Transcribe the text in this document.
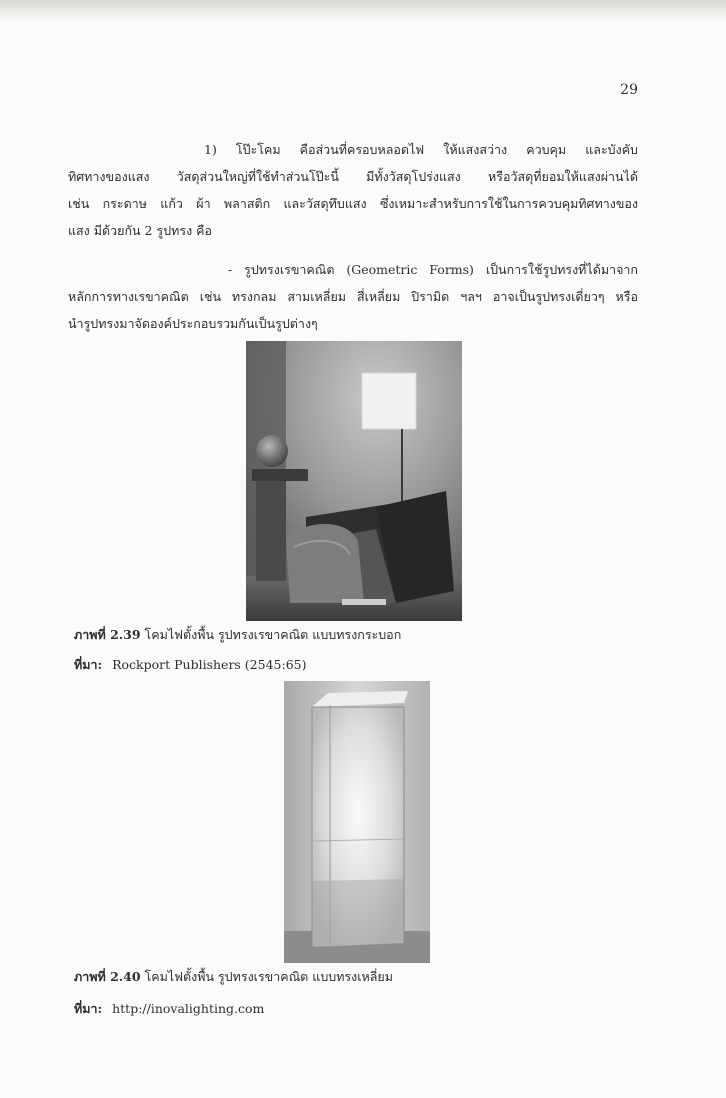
29

1) โป๊ะโคม คือส่วนที่ครอบหลอดไฟ ให้แสงสว่าง ควบคุม และบังคับ

ทิศทางของแสง วัสดุส่วนใหญ่ที่ใช้ทำส่วนโป๊ะนี้ มีทั้งวัสดุโปร่งแสง หรือวัสดุที่ยอมให้แสงผ่านได้

เช่น กระดาษ แก้ว ผ้า พลาสติก และวัสดุทึบแสง ซึ่งเหมาะสำหรับการใช้ในการควบคุมทิศทางของ

แสง มีด้วยกัน 2 รูปทรง คือ

- รูปทรงเรขาคณิต (Geometric Forms) เป็นการใช้รูปทรงที่ได้มาจาก

หลักการทางเรขาคณิต เช่น ทรงกลม สามเหลี่ยม สี่เหลี่ยม ปิรามิด ฯลฯ อาจเป็นรูปทรงเดี่ยวๆ หรือ

นำรูปทรงมาจัดองค์ประกอบรวมกันเป็นรูปต่างๆ

ภาพที่ 2.39 โคมไฟตั้งพื้น รูปทรงเรขาคณิต แบบทรงกระบอก
ที่มา: Rockport Publishers (2545:65)
ภาพที่ 2.40 โคมไฟตั้งพื้น รูปทรงเรขาคณิต แบบทรงเหลี่ยม
ที่มา: http://inovalighting.com
